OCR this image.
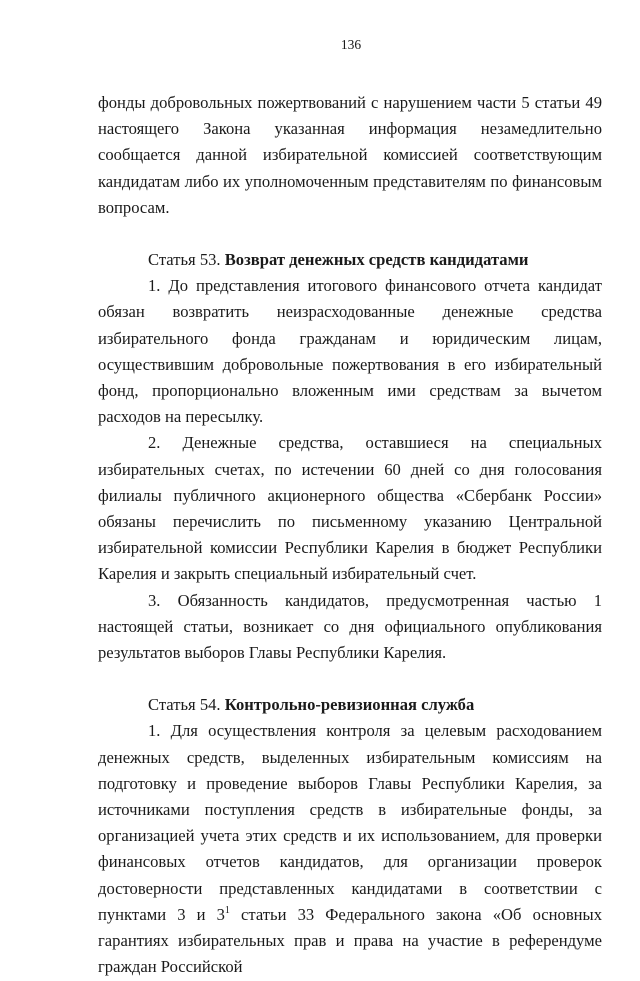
136

фонды добровольных пожертвований с нарушением части 5 статьи 49 настоящего Закона указанная информация незамедлительно сообщается данной избирательной комиссией соответствующим кандидатам либо их уполномоченным представителям по финансовым вопросам.

Статья 53. Возврат денежных средств кандидатами

1. До представления итогового финансового отчета кандидат обязан возвратить неизрасходованные денежные средства избирательного фонда гражданам и юридическим лицам, осуществившим добровольные пожертвования в его избирательный фонд, пропорционально вложенным ими средствам за вычетом расходов на пересылку.

2. Денежные средства, оставшиеся на специальных избирательных счетах, по истечении 60 дней со дня голосования филиалы публичного акционерного общества «Сбербанк России» обязаны перечислить по письменному указанию Центральной избирательной комиссии Республики Карелия в бюджет Республики Карелия и закрыть специальный избирательный счет.

3. Обязанность кандидатов, предусмотренная частью 1 настоящей статьи, возникает со дня официального опубликования результатов выборов Главы Республики Карелия.

Статья 54. Контрольно-ревизионная служба

1. Для осуществления контроля за целевым расходованием денежных средств, выделенных избирательным комиссиям на подготовку и проведение выборов Главы Республики Карелия, за источниками поступления средств в избирательные фонды, за организацией учета этих средств и их использованием, для проверки финансовых отчетов кандидатов, для организации проверок достоверности представленных кандидатами в соответствии с пунктами 3 и $3^1$ статьи 33 Федерального закона «Об основных гарантиях избирательных прав и права на участие в референдуме граждан Российской
